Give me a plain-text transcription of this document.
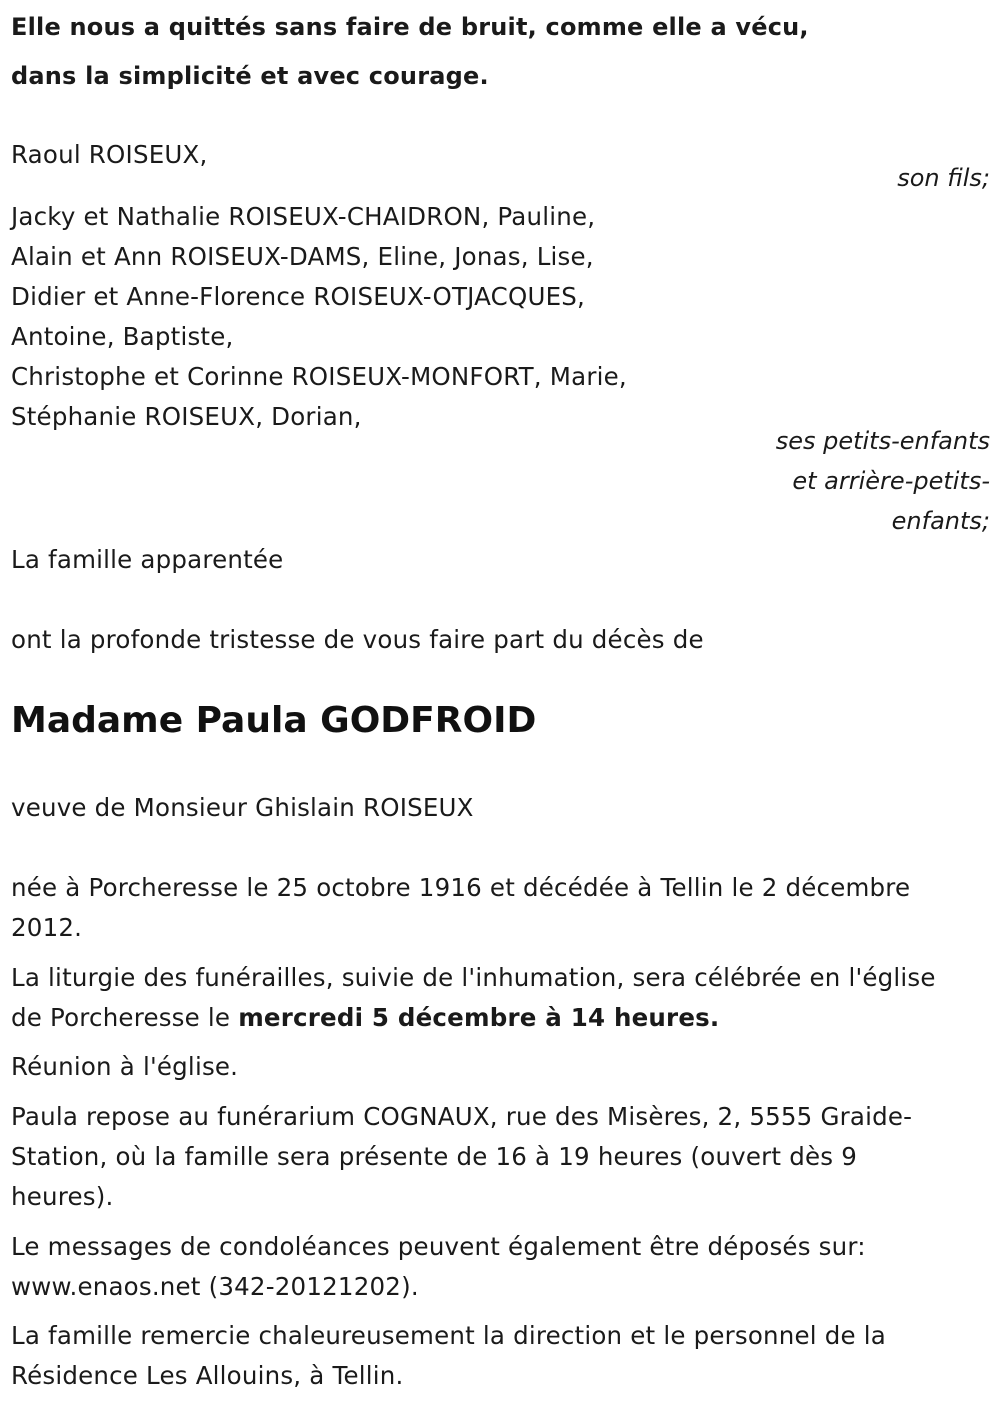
Elle nous a quittés sans faire de bruit, comme elle a vécu,
dans la simplicité et avec courage.
Raoul ROISEUX,
son fils;
Jacky et Nathalie ROISEUX-CHAIDRON, Pauline,
Alain et Ann ROISEUX-DAMS, Eline, Jonas, Lise,
Didier et Anne-Florence ROISEUX-OTJACQUES,
Antoine, Baptiste,
Christophe et Corinne ROISEUX-MONFORT, Marie,
Stéphanie ROISEUX, Dorian,
ses petits-enfants
et arrière-petits-
enfants;
La famille apparentée
ont la profonde tristesse de vous faire part du décès de
Madame Paula GODFROID
veuve de Monsieur Ghislain ROISEUX
née à Porcheresse le 25 octobre 1916 et décédée à Tellin le 2 décembre
2012.
La liturgie des funérailles, suivie de l'inhumation, sera célébrée en l'église
de Porcheresse le mercredi 5 décembre à 14 heures.
Réunion à l'église.
Paula repose au funérarium COGNAUX, rue des Misères, 2, 5555 Graide-
Station, où la famille sera présente de 16 à 19 heures (ouvert dès 9
heures).
Le messages de condoléances peuvent également être déposés sur:
www.enaos.net (342-20121202).
La famille remercie chaleureusement la direction et le personnel de la
Résidence Les Allouins, à Tellin.
